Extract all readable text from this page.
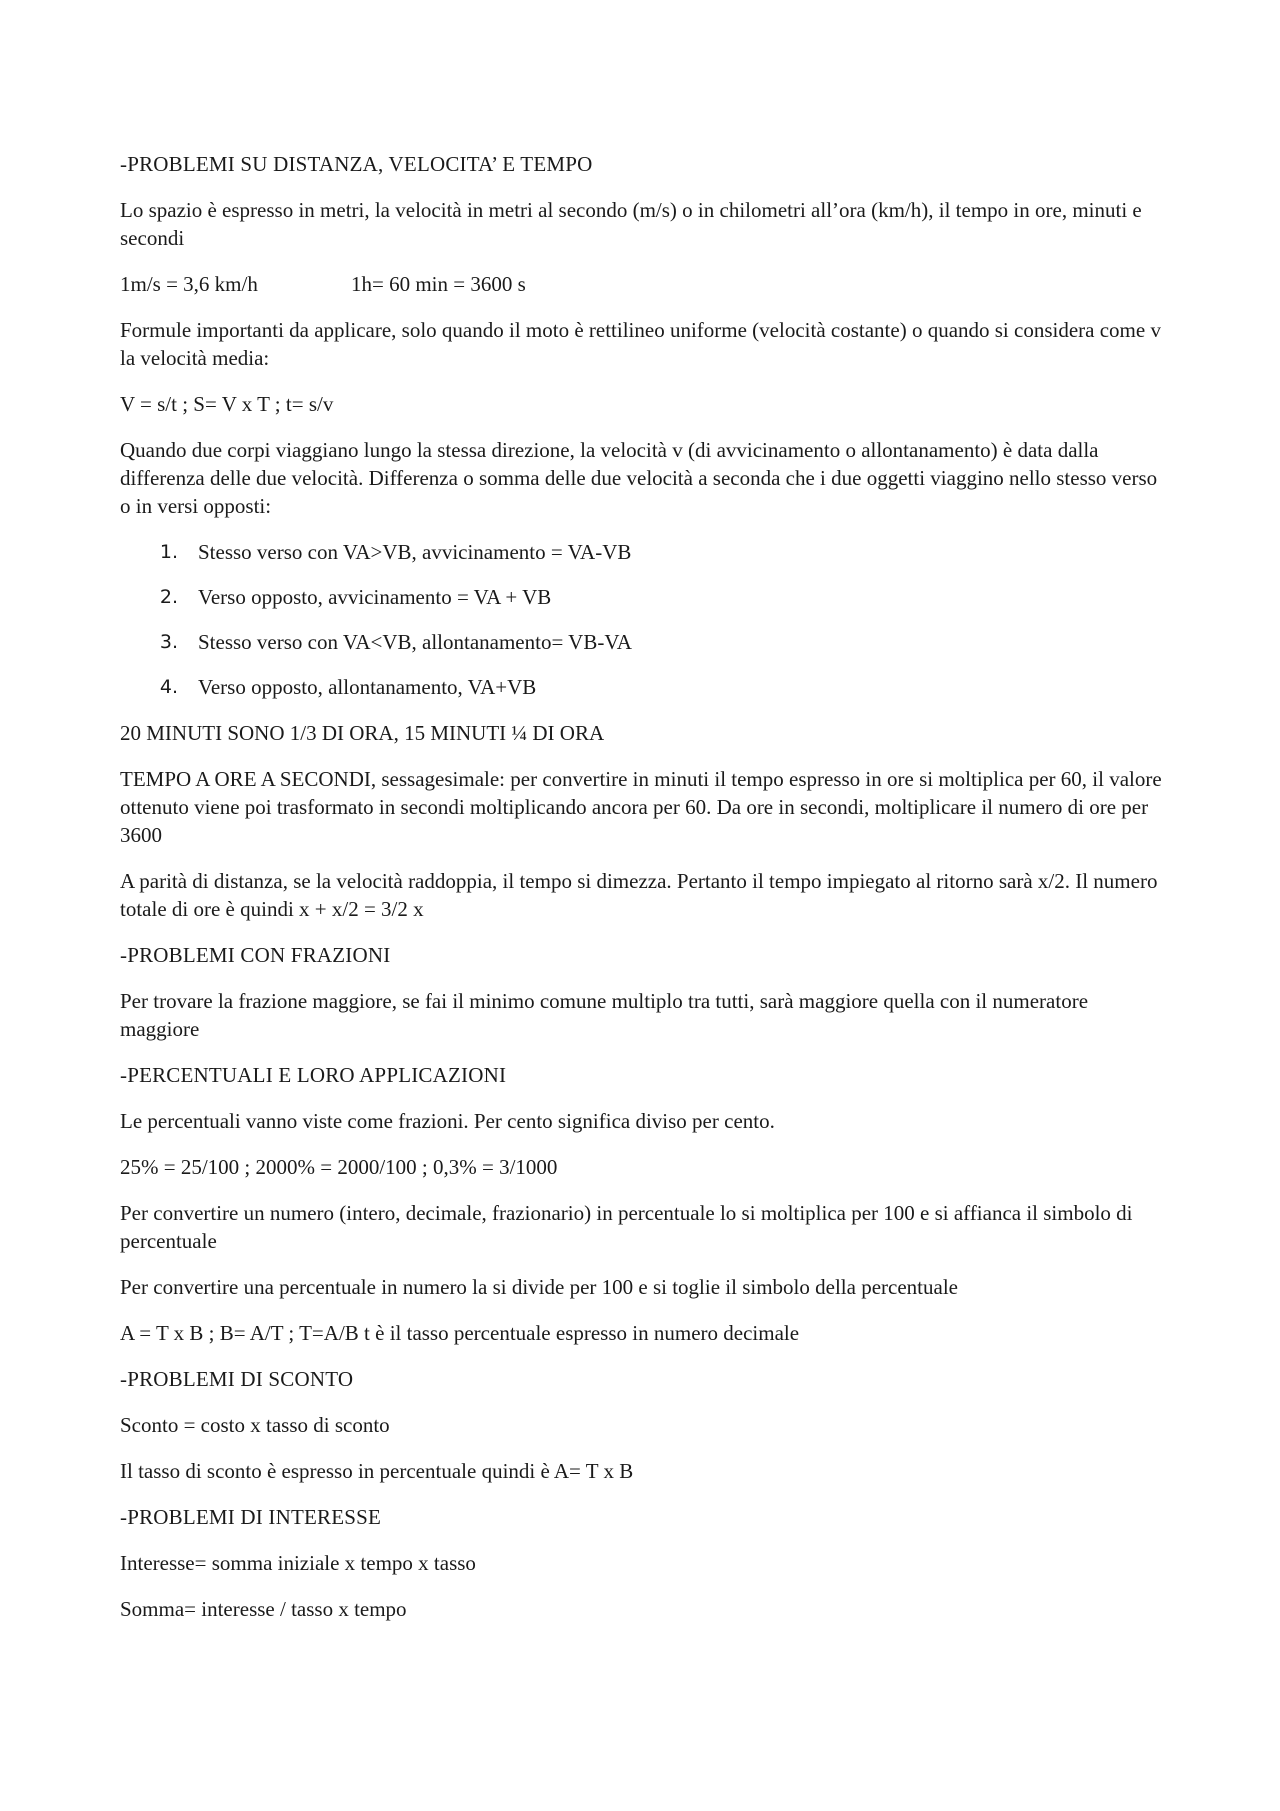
-PROBLEMI SU DISTANZA, VELOCITA’ E TEMPO

Lo spazio è espresso in metri, la velocità in metri al secondo (m/s) o in chilometri all’ora (km/h), il tempo in ore, minuti e secondi

1m/s = 3,6 km/h	1h= 60 min = 3600 s

Formule importanti da applicare, solo quando il moto è rettilineo uniforme (velocità costante) o quando si considera come v la velocità media:

V = s/t ; S= V x T ; t= s/v

Quando due corpi viaggiano lungo la stessa direzione, la velocità v (di avvicinamento o allontanamento) è data dalla differenza delle due velocità. Differenza o somma delle due velocità a seconda che i due oggetti viaggino nello stesso verso o in versi opposti:

1. Stesso verso con VA>VB, avvicinamento = VA-VB
2. Verso opposto, avvicinamento = VA + VB
3. Stesso verso con VA<VB, allontanamento= VB-VA
4. Verso opposto, allontanamento, VA+VB

20 MINUTI SONO 1/3 DI ORA, 15 MINUTI ¼ DI ORA

TEMPO A ORE A SECONDI, sessagesimale: per convertire in minuti il tempo espresso in ore si moltiplica per 60, il valore ottenuto viene poi trasformato in secondi moltiplicando ancora per 60. Da ore in secondi, moltiplicare il numero di ore per 3600

A parità di distanza, se la velocità raddoppia, il tempo si dimezza. Pertanto il tempo impiegato al ritorno sarà x/2. Il numero totale di ore è quindi x + x/2 = 3/2 x

-PROBLEMI CON FRAZIONI

Per trovare la frazione maggiore, se fai il minimo comune multiplo tra tutti, sarà maggiore quella con il numeratore maggiore

-PERCENTUALI E LORO APPLICAZIONI

Le percentuali vanno viste come frazioni. Per cento significa diviso per cento.

25% = 25/100 ; 2000% = 2000/100 ; 0,3% = 3/1000

Per convertire un numero (intero, decimale, frazionario) in percentuale lo si moltiplica per 100 e si affianca il simbolo di percentuale

Per convertire una percentuale in numero la si divide per 100 e si toglie il simbolo della percentuale

A = T x B ; B= A/T ; T=A/B t è il tasso percentuale espresso in numero decimale

-PROBLEMI DI SCONTO

Sconto = costo x tasso di sconto

Il tasso di sconto è espresso in percentuale quindi è A= T x B

-PROBLEMI DI INTERESSE

Interesse= somma iniziale x tempo x tasso

Somma= interesse / tasso x tempo
